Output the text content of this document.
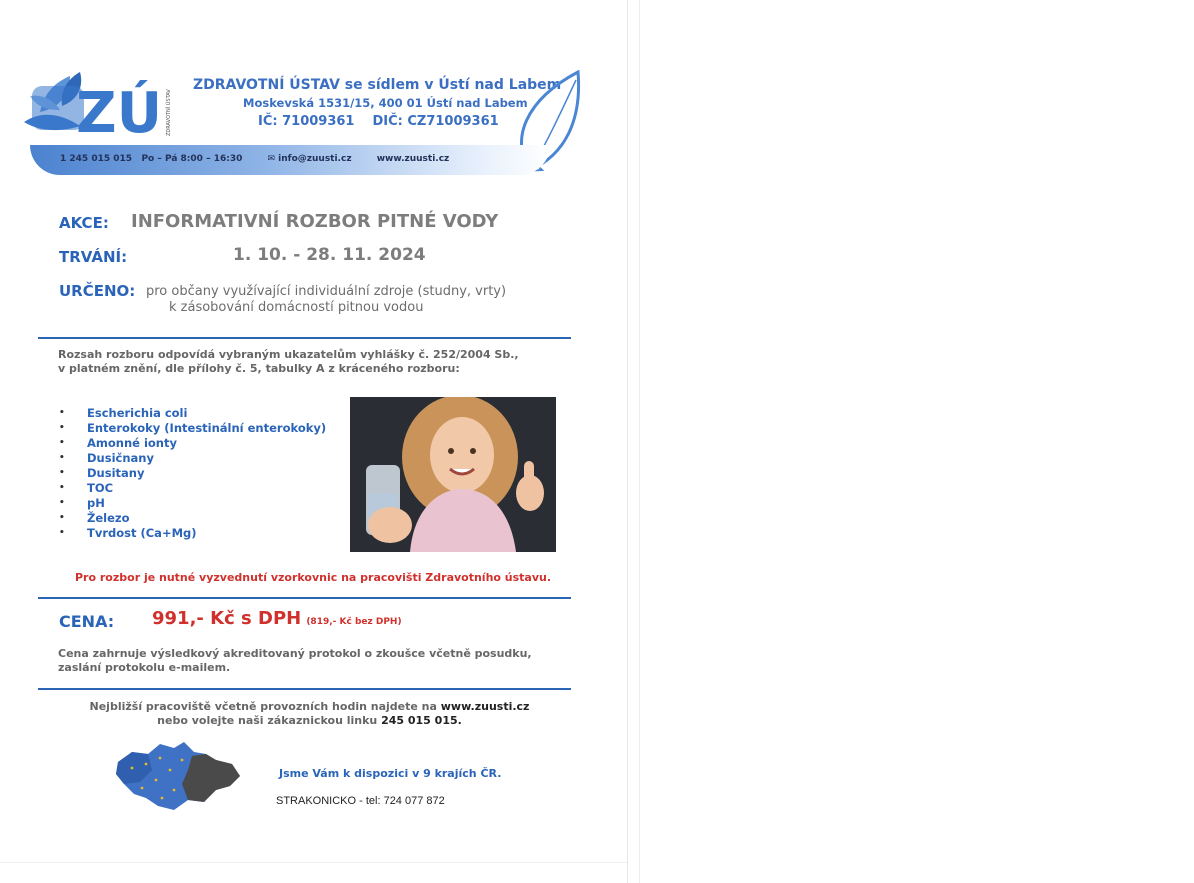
ZÚ ZDRAVOTNÍ ÚSTAV
ZDRAVOTNÍ ÚSTAV se sídlem v Ústí nad Labem
Moskevská 1531/15, 400 01 Ústí nad Labem
IČ: 71009361 DIČ: CZ71009361
1 245 015 015 Po – Pá 8:00 – 16:30	✉ info@zuusti.cz	www.zuusti.cz
AKCE: INFORMATIVNÍ ROZBOR PITNÉ VODY
TRVÁNÍ:	1. 10. - 28. 11. 2024
URČENO: pro občany využívající individuální zdroje (studny, vrty)
k zásobování domácností pitnou vodou
Rozsah rozboru odpovídá vybraným ukazatelům vyhlášky č. 252/2004 Sb.,
v platném znění, dle přílohy č. 5, tabulky A z kráceného rozboru:
• Escherichia coli
• Enterokoky (Intestinální enterokoky)
• Amonné ionty
• Dusičnany
• Dusitany
• TOC
• pH
• Železo
• Tvrdost (Ca+Mg)
Pro rozbor je nutné vyzvednutí vzorkovnic na pracovišti Zdravotního ústavu.
CENA: 991,- Kč s DPH (819,- Kč bez DPH)
Cena zahrnuje výsledkový akreditovaný protokol o zkoušce včetně posudku,
zaslání protokolu e-mailem.
Nejbližší pracoviště včetně provozních hodin najdete na www.zuusti.cz
nebo volejte naši zákaznickou linku 245 015 015.
Jsme Vám k dispozici v 9 krajích ČR.
STRAKONICKO - tel: 724 077 872
